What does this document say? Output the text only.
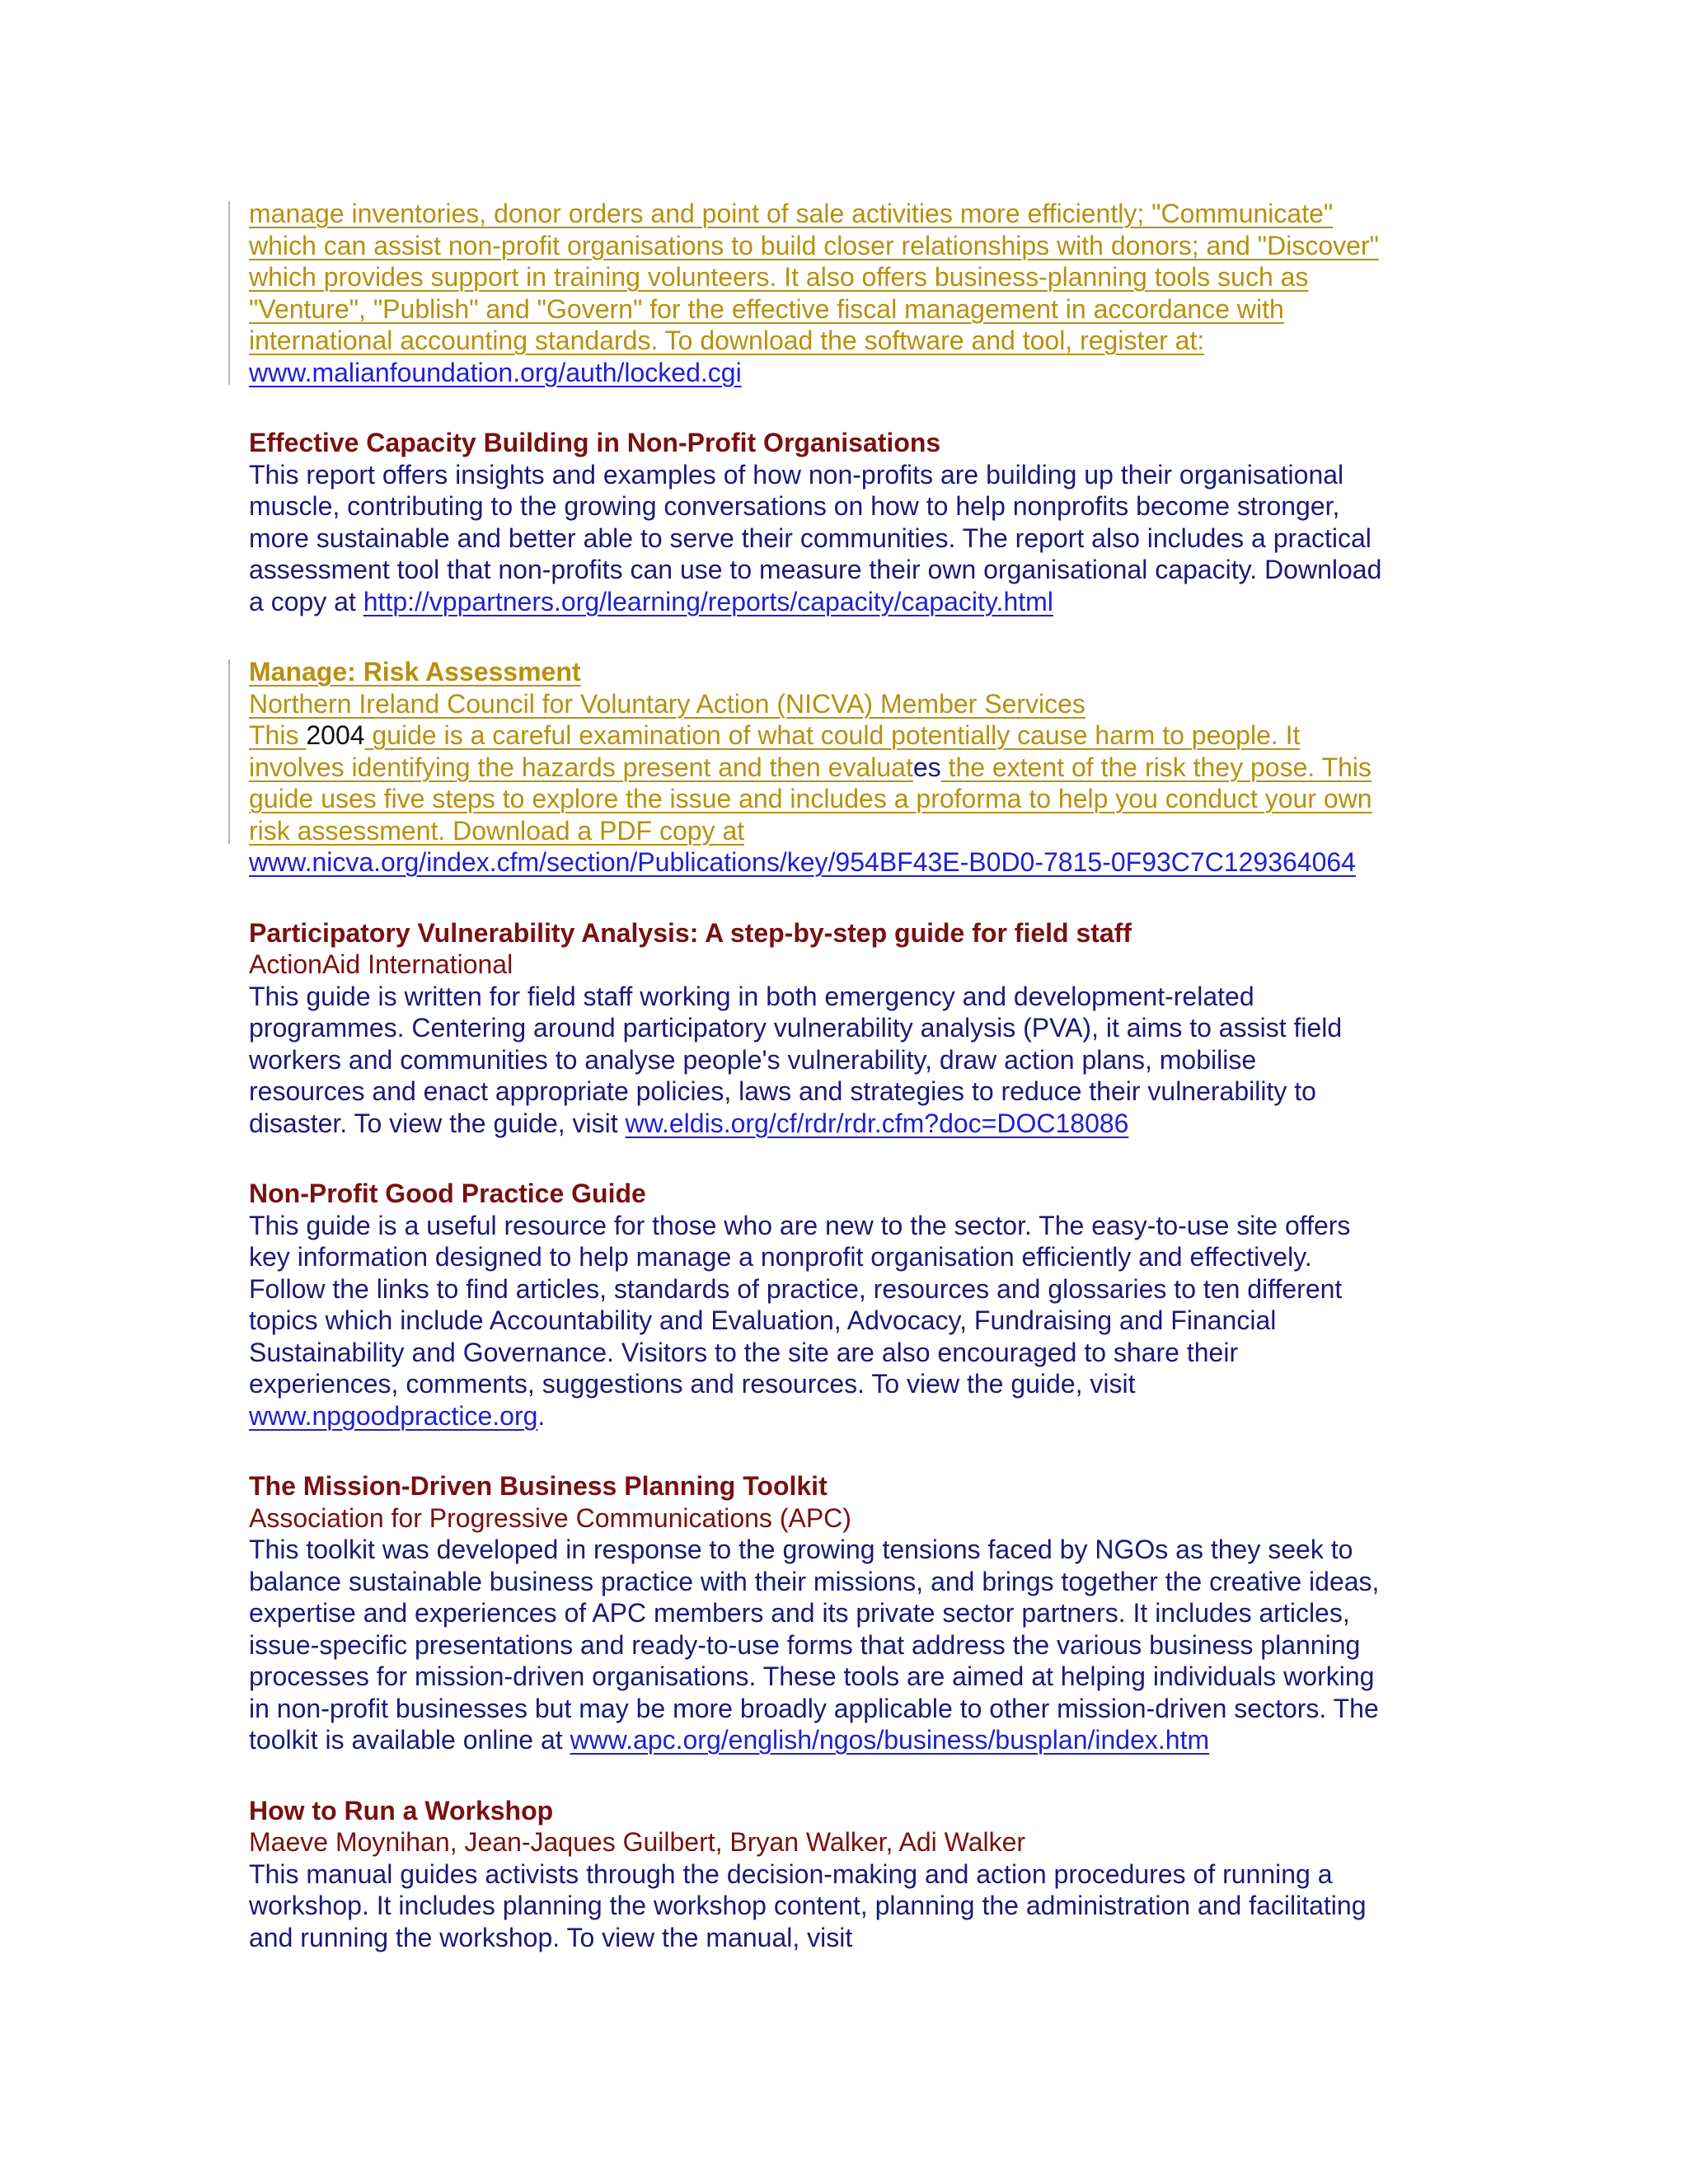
manage inventories, donor orders and point of sale activities more efficiently; "Communicate"
which can assist non-profit organisations to build closer relationships with donors; and "Discover"
which provides support in training volunteers. It also offers business-planning tools such as
"Venture", "Publish" and "Govern" for the effective fiscal management in accordance with
international accounting standards. To download the software and tool, register at:
www.malianfoundation.org/auth/locked.cgi
Effective Capacity Building in Non-Profit Organisations
This report offers insights and examples of how non-profits are building up their organisational
muscle, contributing to the growing conversations on how to help nonprofits become stronger,
more sustainable and better able to serve their communities. The report also includes a practical
assessment tool that non-profits can use to measure their own organisational capacity. Download
a copy at http://vppartners.org/learning/reports/capacity/capacity.html
Manage: Risk Assessment
Northern Ireland Council for Voluntary Action (NICVA) Member Services
This 2004 guide is a careful examination of what could potentially cause harm to people. It
involves identifying the hazards present and then evaluates the extent of the risk they pose. This
guide uses five steps to explore the issue and includes a proforma to help you conduct your own
risk assessment. Download a PDF copy at
www.nicva.org/index.cfm/section/Publications/key/954BF43E-B0D0-7815-0F93C7C129364064
Participatory Vulnerability Analysis: A step-by-step guide for field staff
ActionAid International
This guide is written for field staff working in both emergency and development-related
programmes. Centering around participatory vulnerability analysis (PVA), it aims to assist field
workers and communities to analyse people's vulnerability, draw action plans, mobilise
resources and enact appropriate policies, laws and strategies to reduce their vulnerability to
disaster. To view the guide, visit ww.eldis.org/cf/rdr/rdr.cfm?doc=DOC18086
Non-Profit Good Practice Guide
This guide is a useful resource for those who are new to the sector. The easy-to-use site offers
key information designed to help manage a nonprofit organisation efficiently and effectively.
Follow the links to find articles, standards of practice, resources and glossaries to ten different
topics which include Accountability and Evaluation, Advocacy, Fundraising and Financial
Sustainability and Governance. Visitors to the site are also encouraged to share their
experiences, comments, suggestions and resources. To view the guide, visit
www.npgoodpractice.org.
The Mission-Driven Business Planning Toolkit
Association for Progressive Communications (APC)
This toolkit was developed in response to the growing tensions faced by NGOs as they seek to
balance sustainable business practice with their missions, and brings together the creative ideas,
expertise and experiences of APC members and its private sector partners. It includes articles,
issue-specific presentations and ready-to-use forms that address the various business planning
processes for mission-driven organisations. These tools are aimed at helping individuals working
in non-profit businesses but may be more broadly applicable to other mission-driven sectors. The
toolkit is available online at www.apc.org/english/ngos/business/busplan/index.htm
How to Run a Workshop
Maeve Moynihan, Jean-Jaques Guilbert, Bryan Walker, Adi Walker
This manual guides activists through the decision-making and action procedures of running a
workshop. It includes planning the workshop content, planning the administration and facilitating
and running the workshop. To view the manual, visit
